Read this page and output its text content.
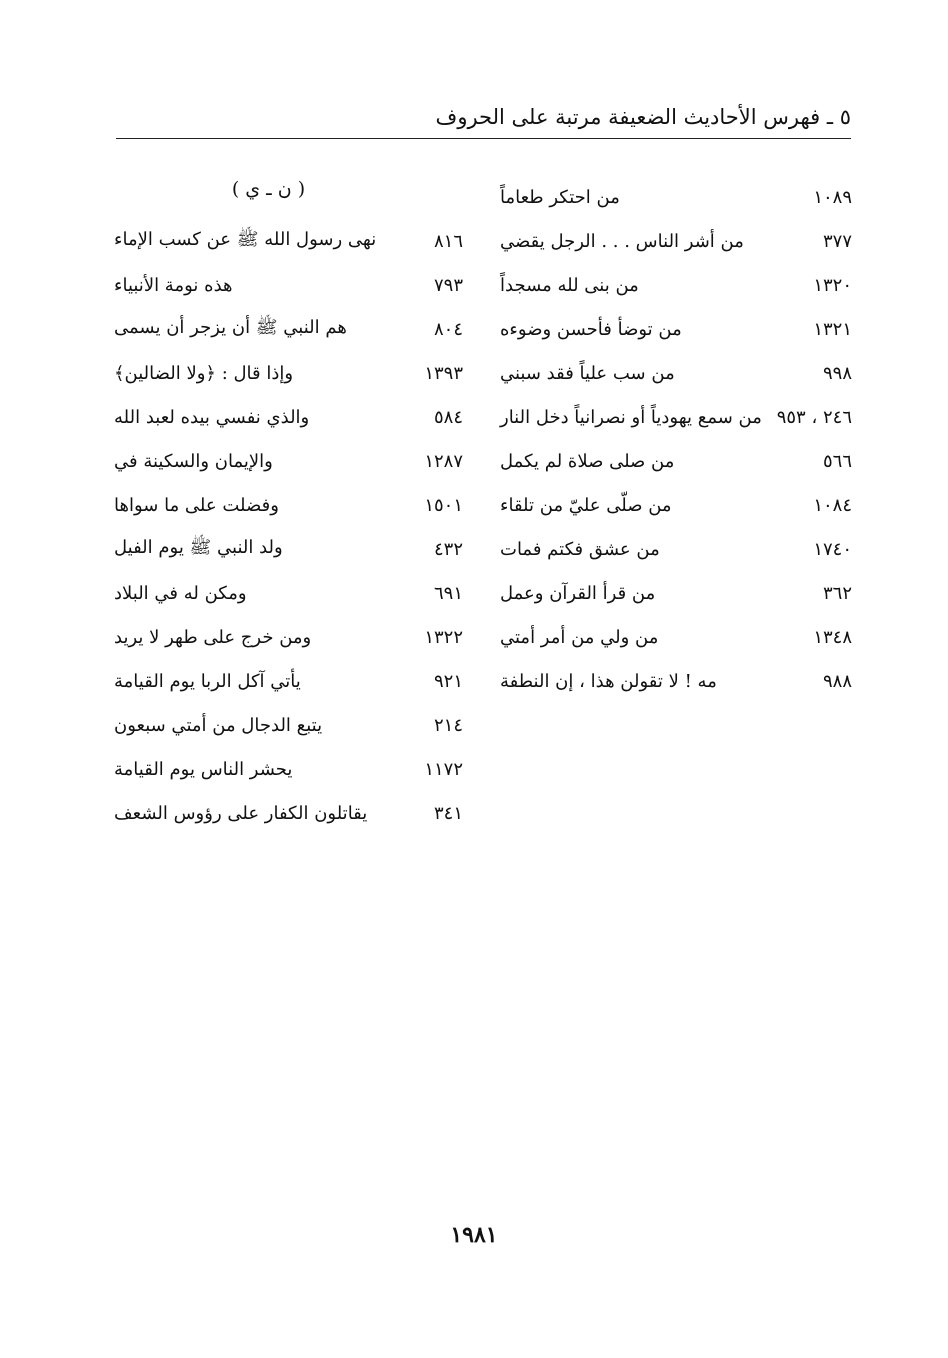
٥ ـ فهرس الأحاديث الضعيفة مرتبة على الحروف
من احتكر طعاماً	١٠٨٩
من أشر الناس . . . الرجل يقضي	٣٧٧
من بنى لله مسجداً	١٣٢٠
من توضأ فأحسن وضوءه	١٣٢١
من سب علياً فقد سبني	٩٩٨
من سمع يهودياً أو نصرانياً دخل النار ٢٤٦ ، ٩٥٣
من صلى صلاة لم يكمل	٥٦٦
من صلّى عليّ من تلقاء	١٠٨٤
من عشق فكتم فمات	١٧٤٠
من قرأ القرآن وعمل	٣٦٢
من ولي من أمر أمتي	١٣٤٨
مه ! لا تقولن هذا ، إن النطفة	٩٨٨
( ن ـ ي )
نهى رسول الله ﷺ عن كسب الإماء	٨١٦
هذه نومة الأنبياء	٧٩٣
هم النبي ﷺ أن يزجر أن يسمى	٨٠٤
وإذا قال : ﴿ولا الضالين﴾	١٣٩٣
والذي نفسي بيده لعبد الله	٥٨٤
والإيمان والسكينة في	١٢٨٧
وفضلت على ما سواها	١٥٠١
ولد النبي ﷺ يوم الفيل	٤٣٢
ومكن له في البلاد	٦٩١
ومن خرج على طهر لا يريد	١٣٢٢
يأتي آكل الربا يوم القيامة	٩٢١
يتبع الدجال من أمتي سبعون	٢١٤
يحشر الناس يوم القيامة	١١٧٢
يقاتلون الكفار على رؤوس الشعف	٣٤١
١٩٨١
